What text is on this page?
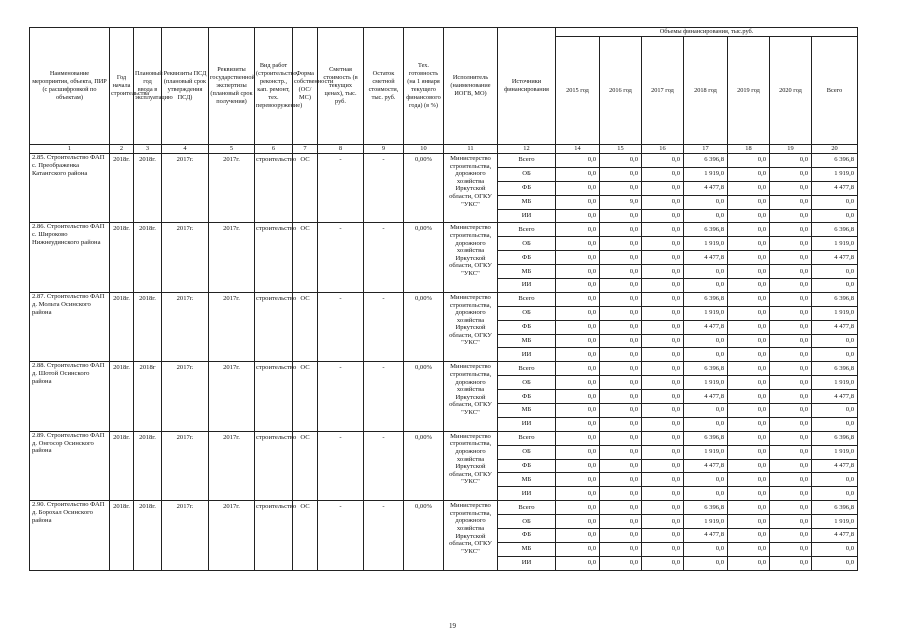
Наименование мероприятия, объекта, ПИР (с расшифровкой по объектам)	Год начала строительства	Плановый год ввода в эксплуатацию	Реквизиты ПСД (плановый срок утверждения ПСД)	Реквизиты государственной экспертизы (плановый срок получения)	Вид работ (строительство, реконстр., кап. ремонт, тех. перевооружение)	Форма собственности (ОС/МС)	Сметная стоимость (в текущих ценах), тыс. руб.	Остаток сметной стоимости, тыс. руб.	Тех. готовность (на 1 января текущего финансового года) (в %)	Исполнитель (наименование ИОГВ, МО)	Источники финансирования	Объемы финансирования, тыс.руб.						
												2015 год	2016 год	2017 год	2018 год	2019 год	2020 год	Всего
1	2	3	4	5	6	7	8	9	10	11	12	14	15	16	17	18	19	20
2.85. Строительство ФАП с. Преображенка Катангского района	2018г.	2018г.	2017г.	2017г.	строительство	ОС	-	-	0,00%	Министерство строительства, дорожного хозяйства Иркутской области, ОГКУ "УКС"	Всего	0,0	0,0	0,0	6 396,8	0,0	0,0	6 396,8
											ОБ	0,0	0,0	0,0	1 919,0	0,0	0,0	1 919,0
											ФБ	0,0	0,0	0,0	4 477,8	0,0	0,0	4 477,8
											МБ	0,0	9,0	0,0	0,0	0,0	0,0	0,0
											ИИ	0,0	0,0	0,0	0,0	0,0	0,0	0,0
2.86. Строительство ФАП с. Широково Нижнеудинского района	2018г.	2018г.	2017г.	2017г.	строительство	ОС	-	-	0,00%	Министерство строительства, дорожного хозяйства Иркутской области, ОГКУ "УКС"	Всего	0,0	0,0	0,0	6 396,8	0,0	0,0	6 396,8
											ОБ	0,0	0,0	0,0	1 919,0	0,0	0,0	1 919,0
											ФБ	0,0	0,0	0,0	4 477,8	0,0	0,0	4 477,8
											МБ	0,0	0,0	0,0	0,0	0,0	0,0	0,0
											ИИ	0,0	0,0	0,0	0,0	0,0	0,0	0,0
2.87. Строительство ФАП д. Мольта Осинского района	2018г.	2018г.	2017г.	2017г.	строительство	ОС	-	-	0,00%	Министерство строительства, дорожного хозяйства Иркутской области, ОГКУ "УКС"	Всего	0,0	0,0	0,0	6 396,8	0,0	0,0	6 396,8
											ОБ	0,0	0,0	0,0	1 919,0	0,0	0,0	1 919,0
											ФБ	0,0	0,0	0,0	4 477,8	0,0	0,0	4 477,8
											МБ	0,0	0,0	0,0	0,0	0,0	0,0	0,0
											ИИ	0,0	0,0	0,0	0,0	0,0	0,0	0,0
2.88. Строительство ФАП д. Шотой Осинского района	2018г.	2018г	2017г.	2017г.	строительство	ОС	-	-	0,00%	Министерство строительства, дорожного хозяйства Иркутской области, ОГКУ "УКС"	Всего	0,0	0,0	0,0	6 396,8	0,0	0,0	6 396,8
											ОБ	0,0	0,0	0,0	1 919,0	0,0	0,0	1 919,0
											ФБ	0,0	0,0	0,0	4 477,8	0,0	0,0	4 477,8
											МБ	0,0	0,0	0,0	0,0	0,0	0,0	0,0
											ИИ	0,0	0,0	0,0	0,0	0,0	0,0	0,0
2.89. Строительство ФАП д. Онгосор Осинского района	2018г.	2018г.	2017г.	2017г.	строительство	ОС	-	-	0,00%	Министерство строительства, дорожного хозяйства Иркутской области, ОГКУ "УКС"	Всего	0,0	0,0	0,0	6 396,8	0,0	0,0	6 396,8
											ОБ	0,0	0,0	0,0	1 919,0	0,0	0,0	1 919,0
											ФБ	0,0	0,0	0,0	4 477,8	0,0	0,0	4 477,8
											МБ	0,0	0,0	0,0	0,0	0,0	0,0	0,0
											ИИ	0,0	0,0	0,0	0,0	0,0	0,0	0,0
2.90. Строительство ФАП д. Борохал Осинского района	2018г.	2018г.	2017г.	2017г.	строительство	ОС	-	-	0,00%	Министерство строительства, дорожного хозяйства Иркутской области, ОГКУ "УКС"	Всего	0,0	0,0	0,0	6 396,8	0,0	0,0	6 396,8
											ОБ	0,0	0,0	0,0	1 919,0	0,0	0,0	1 919,0
											ФБ	0,0	0,0	0,0	4 477,8	0,0	0,0	4 477,8
											МБ	0,0	0,0	0,0	0,0	0,0	0,0	0,0
											ИИ	0,0	0,0	0,0	0,0	0,0	0,0	0,0
19
